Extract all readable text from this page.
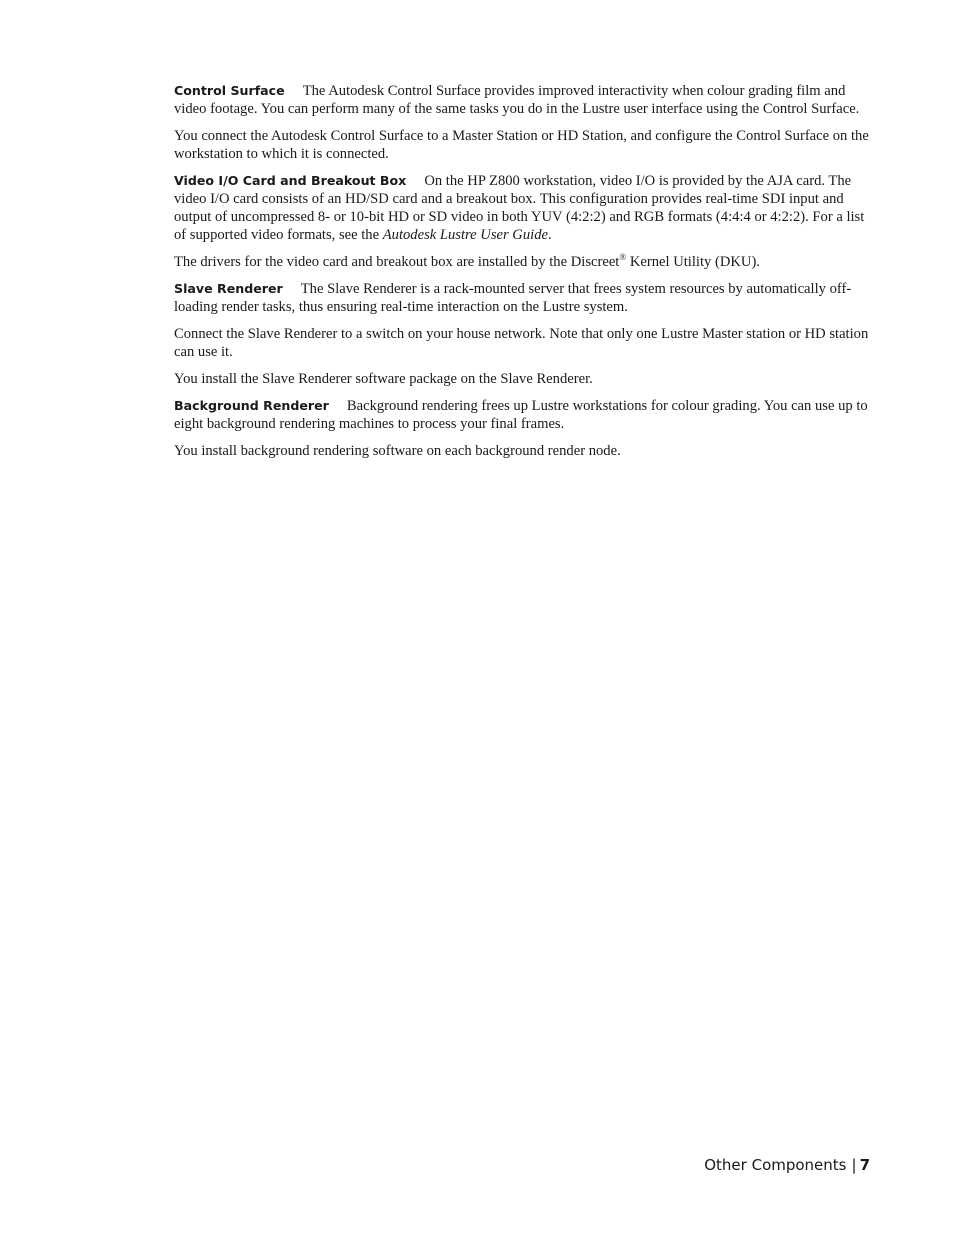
Control Surface The Autodesk Control Surface provides improved interactivity when colour grading film and video footage. You can perform many of the same tasks you do in the Lustre user interface using the Control Surface.

You connect the Autodesk Control Surface to a Master Station or HD Station, and configure the Control Surface on the workstation to which it is connected.

Video I/O Card and Breakout Box On the HP Z800 workstation, video I/O is provided by the AJA card. The video I/O card consists of an HD/SD card and a breakout box. This configuration provides real-time SDI input and output of uncompressed 8- or 10-bit HD or SD video in both YUV (4:2:2) and RGB formats (4:4:4 or 4:2:2). For a list of supported video formats, see the Autodesk Lustre User Guide.

The drivers for the video card and breakout box are installed by the Discreet® Kernel Utility (DKU).

Slave Renderer The Slave Renderer is a rack-mounted server that frees system resources by automatically off-loading render tasks, thus ensuring real-time interaction on the Lustre system.

Connect the Slave Renderer to a switch on your house network. Note that only one Lustre Master station or HD station can use it.

You install the Slave Renderer software package on the Slave Renderer.

Background Renderer Background rendering frees up Lustre workstations for colour grading. You can use up to eight background rendering machines to process your final frames.

You install background rendering software on each background render node.

Other Components | 7
